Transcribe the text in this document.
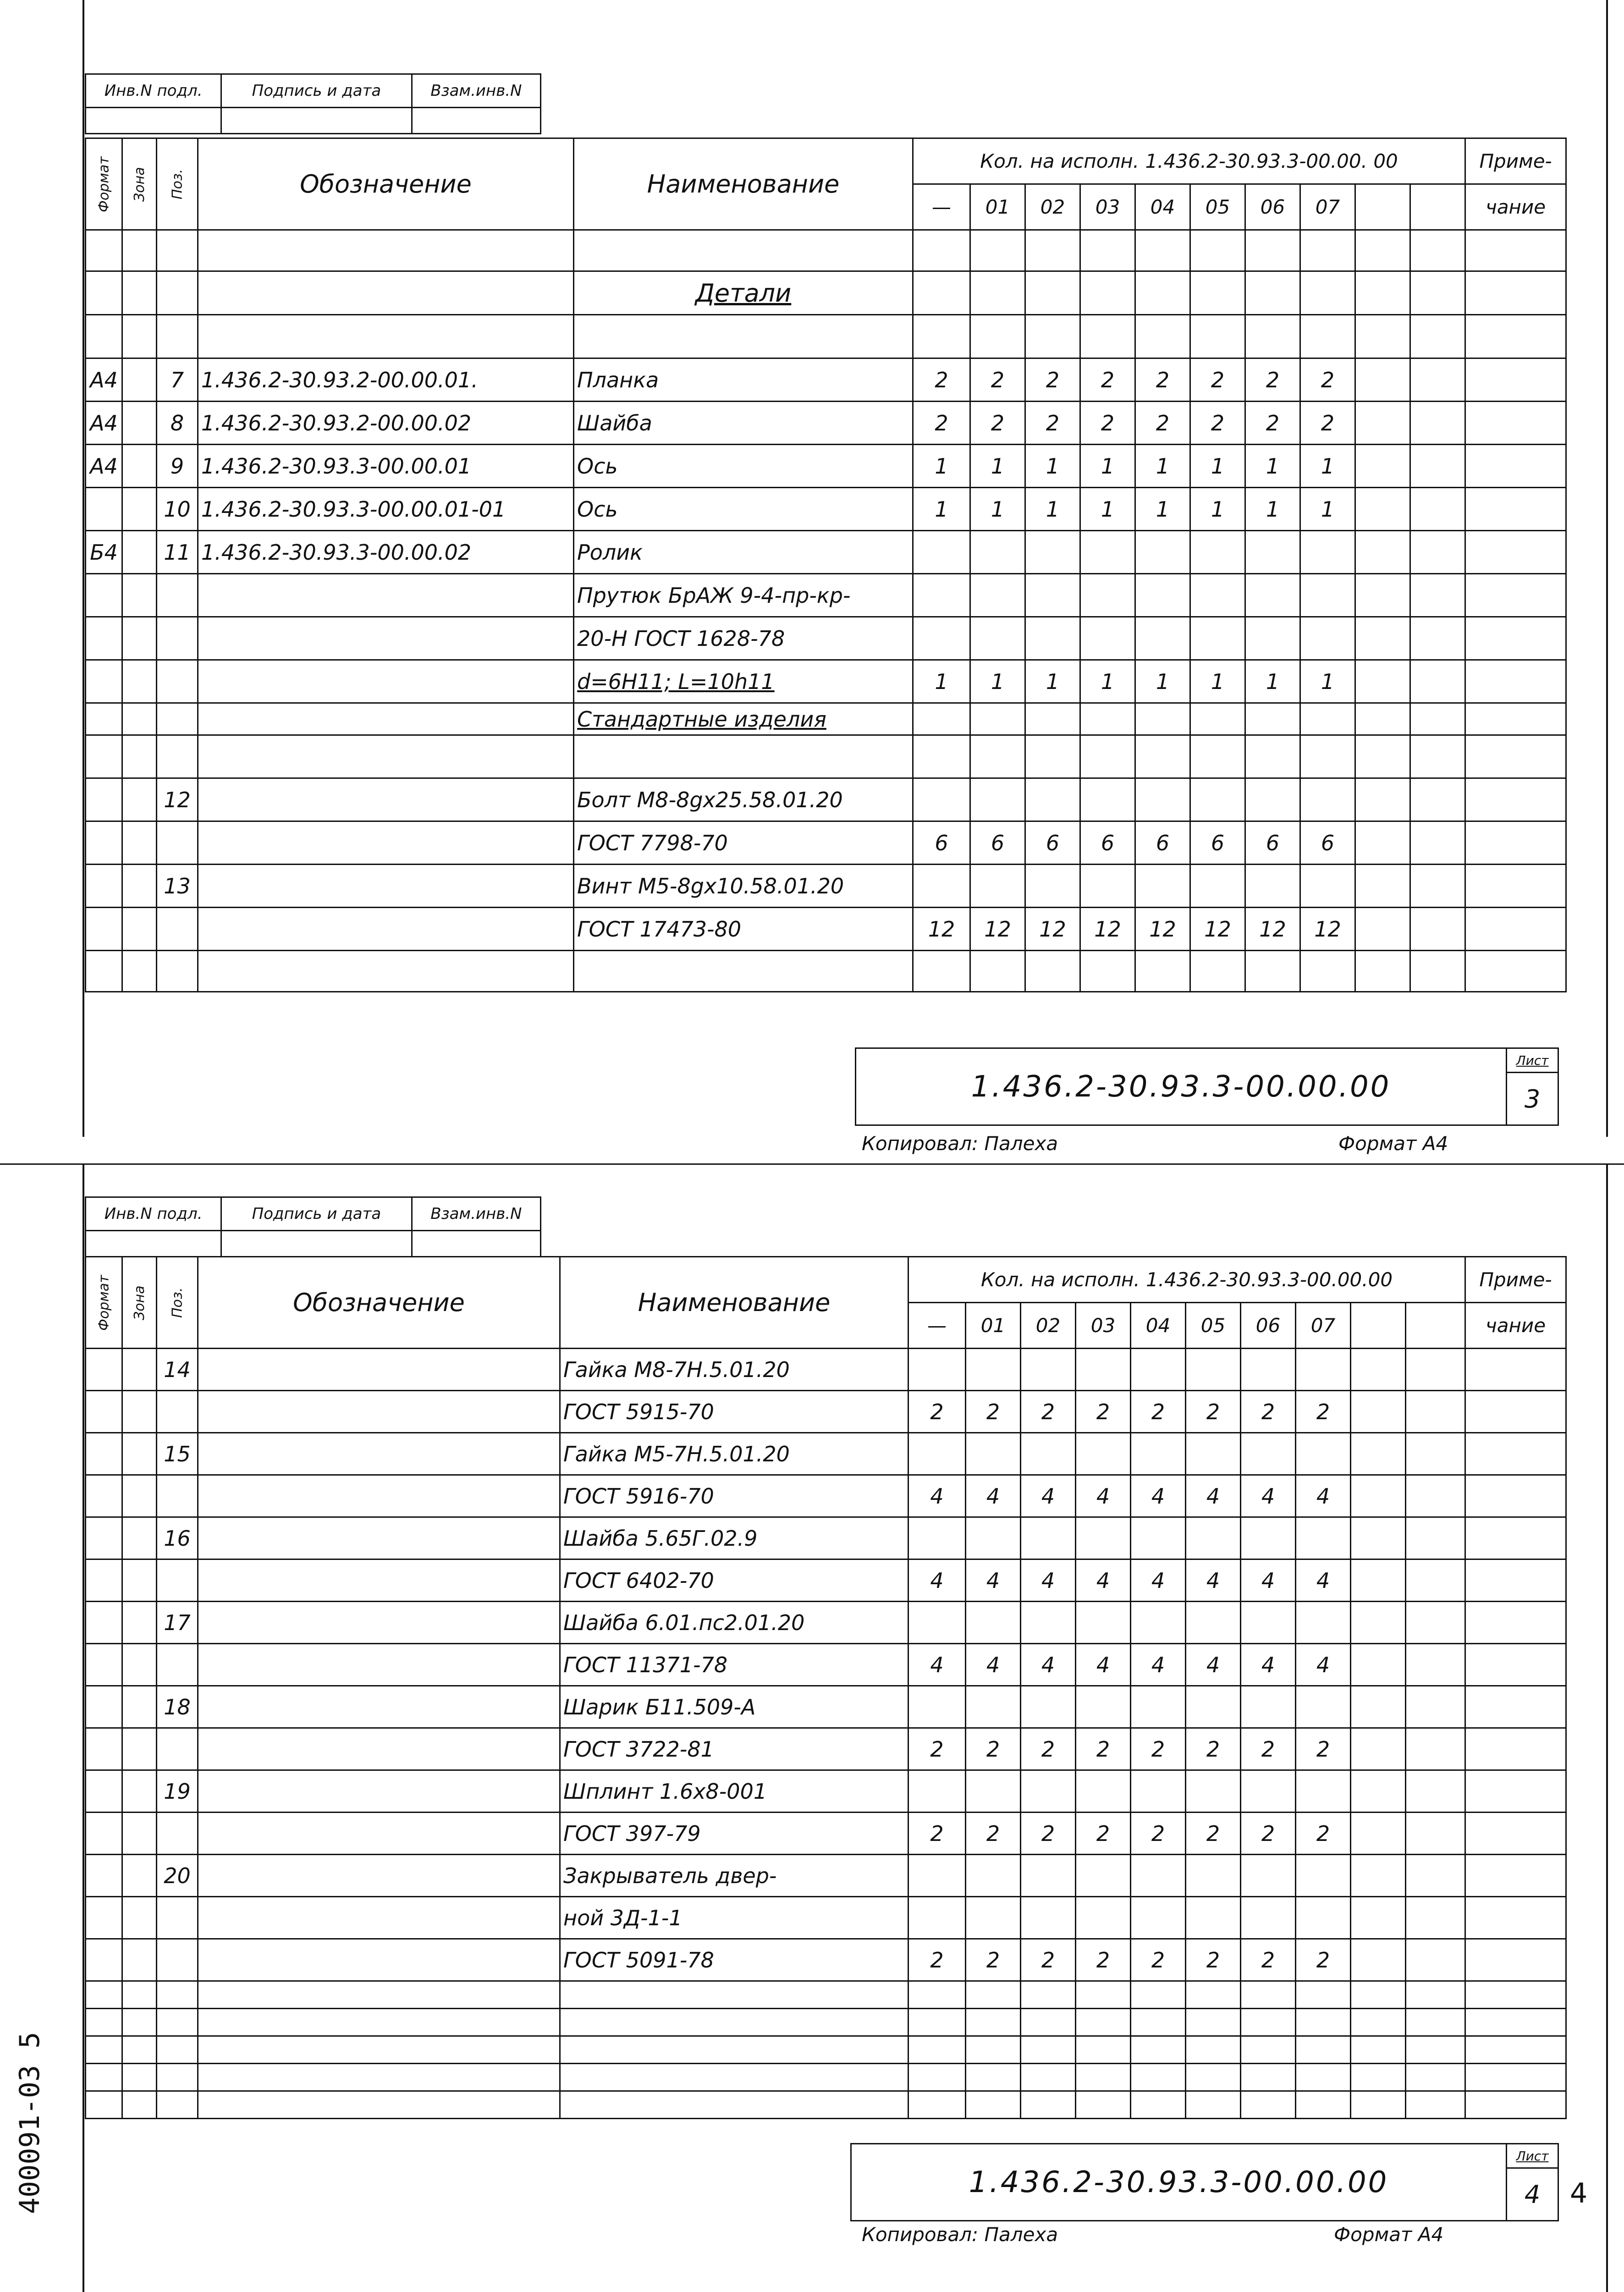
Инв.N подл.	Подпись и дата	Взам.инв.N
Формат	Зона	Поз.	Обозначение	Наименование	Кол. на исполн. 1.436.2-30.93.3-00.00. 00										Приме-
					—	01	02	03	04	05	06	07			чание

				Детали											

А4		7	1.436.2-30.93.2-00.00.01.	Планка	2	2	2	2	2	2	2	2			
А4		8	1.436.2-30.93.2-00.00.02	Шайба	2	2	2	2	2	2	2	2			
А4		9	1.436.2-30.93.3-00.00.01	Ось	1	1	1	1	1	1	1	1			
		10	1.436.2-30.93.3-00.00.01-01	Ось	1	1	1	1	1	1	1	1			
Б4		11	1.436.2-30.93.3-00.00.02	Ролик											
				Прутюк БрАЖ 9-4-пр-кр-											
				20-Н ГОСТ 1628-78											
				d=6H11; L=10h11	1	1	1	1	1	1	1	1			
				Стандартные изделия											

		12		Болт М8-8gx25.58.01.20											
				ГОСТ 7798-70	6	6	6	6	6	6	6	6			
		13		Винт М5-8gx10.58.01.20											
				ГОСТ 17473-80	12	12	12	12	12	12	12	12			

1.436.2-30.93.3-00.00.00
Лист
3
Копировал: Палеха	Формат А4
Инв.N подл.	Подпись и дата	Взам.инв.N
Формат	Зона	Поз.	Обозначение	Наименование	Кол. на исполн. 1.436.2-30.93.3-00.00.00										Приме-
					—	01	02	03	04	05	06	07			чание
		14		Гайка М8-7Н.5.01.20											
				ГОСТ 5915-70	2	2	2	2	2	2	2	2			
		15		Гайка М5-7Н.5.01.20											
				ГОСТ 5916-70	4	4	4	4	4	4	4	4			
		16		Шайба 5.65Г.02.9											
				ГОСТ 6402-70	4	4	4	4	4	4	4	4			
		17		Шайба 6.01.пс2.01.20											
				ГОСТ 11371-78	4	4	4	4	4	4	4	4			
		18		Шарик Б11.509-А											
				ГОСТ 3722-81	2	2	2	2	2	2	2	2			
		19		Шплинт 1.6x8-001											
				ГОСТ 397-79	2	2	2	2	2	2	2	2			
		20		Закрыватель двер-											
				ной 3Д-1-1											
				ГОСТ 5091-78	2	2	2	2	2	2	2	2			

1.436.2-30.93.3-00.00.00
Лист
4
Копировал: Палеха	Формат А4
400091-03 5	4
